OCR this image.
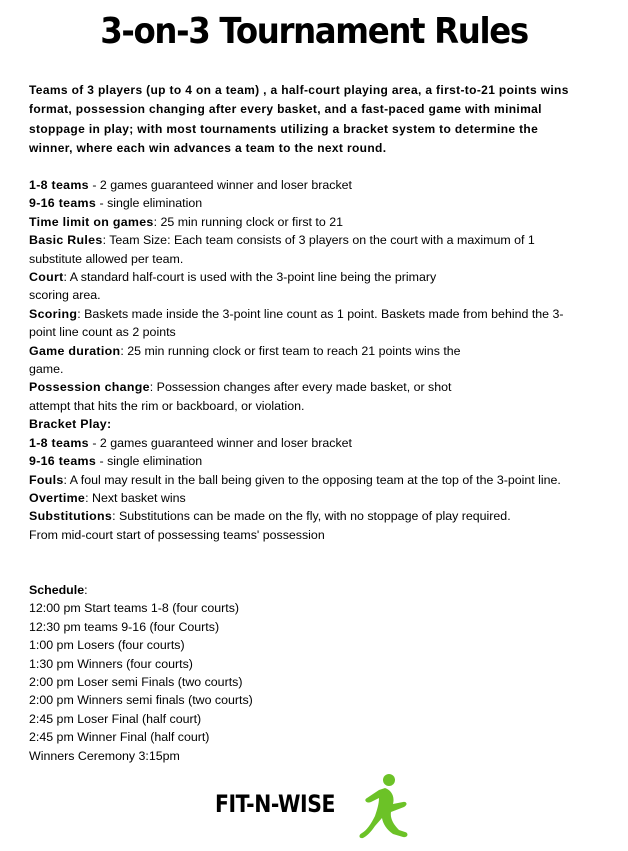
3-on-3 Tournament Rules
Teams of 3 players (up to 4 on a team) , a half-court playing area, a first-to-21 points wins format, possession changing after every basket, and a fast-paced game with minimal stoppage in play; with most tournaments utilizing a bracket system to determine the winner, where each win advances a team to the next round.
1-8 teams - 2 games guaranteed winner and loser bracket
9-16 teams - single elimination
Time limit on games: 25 min running clock or first to 21
Basic Rules: Team Size: Each team consists of 3 players on the court with a maximum of 1 substitute allowed per team.
Court: A standard half-court is used with the 3-point line being the primary
scoring area.
Scoring: Baskets made inside the 3-point line count as 1 point. Baskets made from behind the 3-point line count as 2 points
Game duration: 25 min running clock or first team to reach 21 points wins the
game.
Possession change: Possession changes after every made basket, or shot
attempt that hits the rim or backboard, or violation.
Bracket Play:
1-8 teams - 2 games guaranteed winner and loser bracket
9-16 teams - single elimination
Fouls: A foul may result in the ball being given to the opposing team at the top of the 3-point line.
Overtime: Next basket wins
Substitutions: Substitutions can be made on the fly, with no stoppage of play required.
From mid-court start of possessing teams' possession
Schedule:
12:00 pm Start teams 1-8 (four courts)
12:30 pm teams 9-16 (four Courts)
1:00 pm Losers (four courts)
1:30 pm Winners (four courts)
2:00 pm Loser semi Finals (two courts)
2:00 pm Winners semi finals (two courts)
2:45 pm Loser Final (half court)
2:45 pm Winner Final (half court)
Winners Ceremony 3:15pm
FIT-N-WISE
